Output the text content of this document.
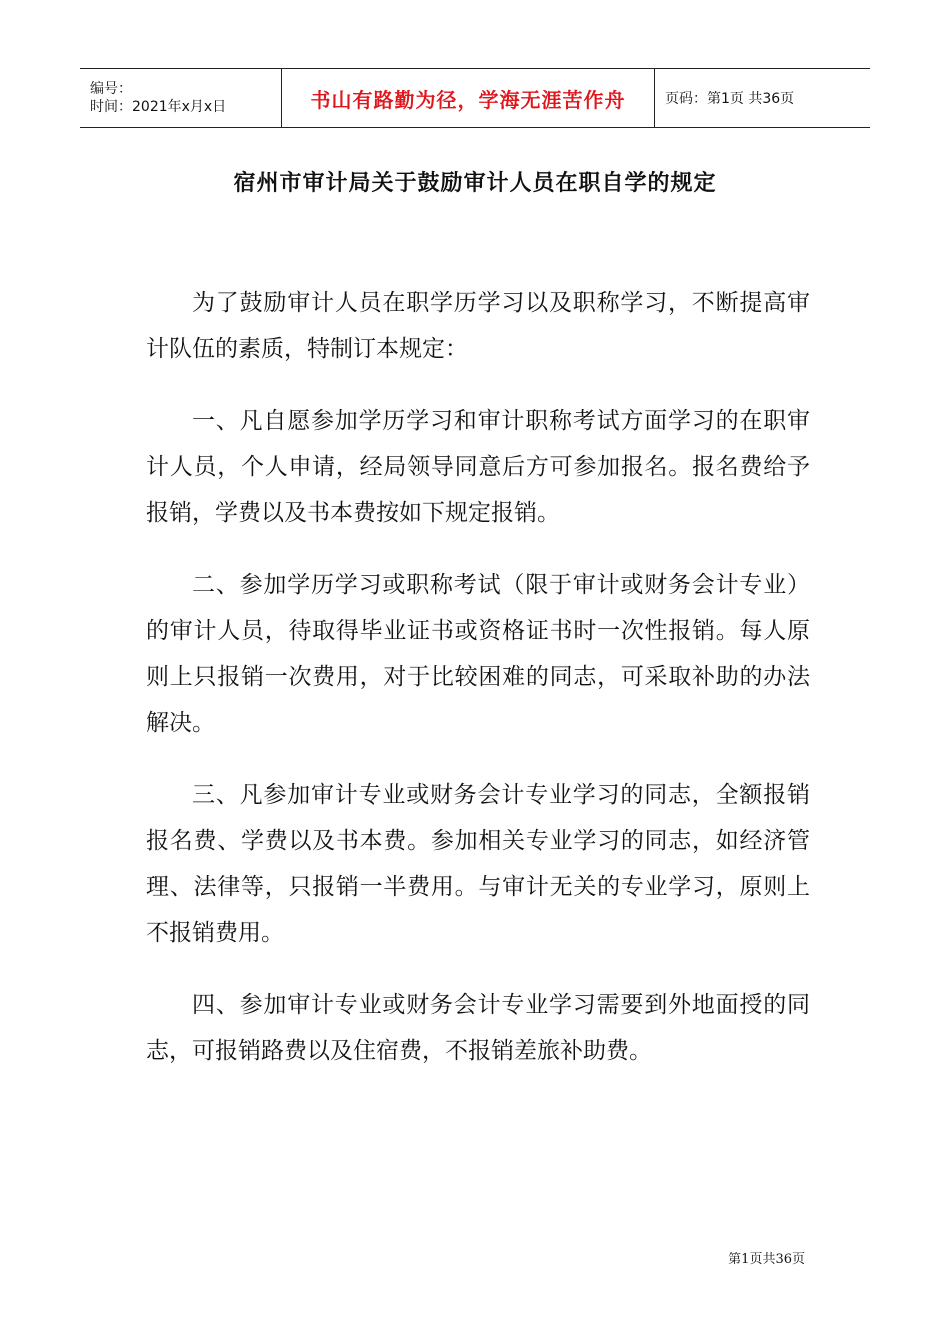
编号：
时间：2021年x月x日	书山有路勤为径，学海无涯苦作舟	页码：第1页 共36页
宿州市审计局关于鼓励审计人员在职自学的规定

为了鼓励审计人员在职学历学习以及职称学习，不断提高审计队伍的素质，特制订本规定：

一、凡自愿参加学历学习和审计职称考试方面学习的在职审计人员，个人申请，经局领导同意后方可参加报名。报名费给予报销，学费以及书本费按如下规定报销。

二、参加学历学习或职称考试（限于审计或财务会计专业）的审计人员，待取得毕业证书或资格证书时一次性报销。每人原则上只报销一次费用，对于比较困难的同志，可采取补助的办法解决。

三、凡参加审计专业或财务会计专业学习的同志，全额报销报名费、学费以及书本费。参加相关专业学习的同志，如经济管理、法律等，只报销一半费用。与审计无关的专业学习，原则上不报销费用。

四、参加审计专业或财务会计专业学习需要到外地面授的同志，可报销路费以及住宿费，不报销差旅补助费。

第1页共36页
